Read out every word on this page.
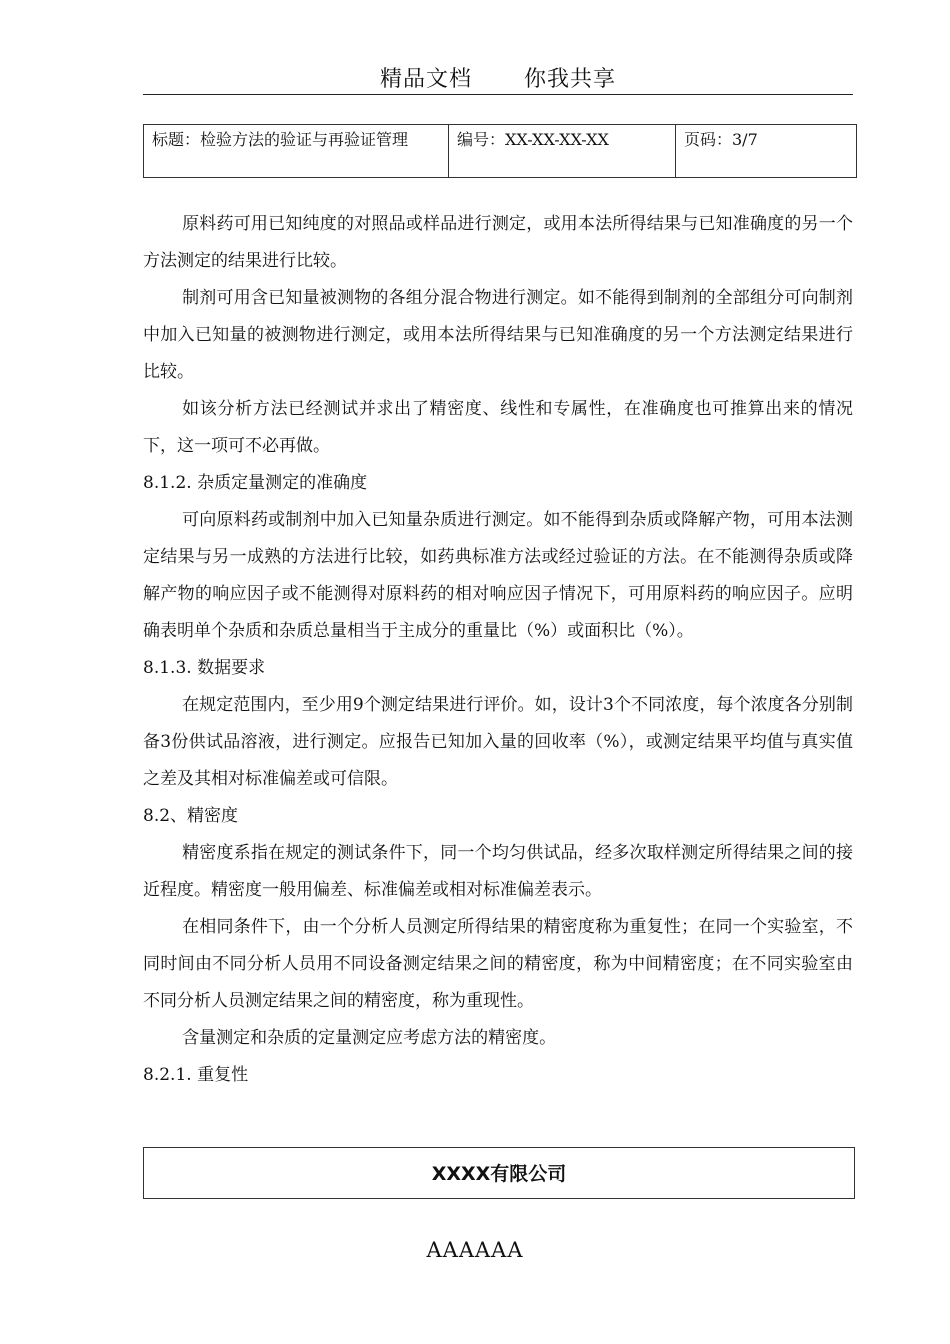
精品文档 你我共享
标题：检验方法的验证与再验证管理	编号：XX-XX-XX-XX	页码：3/7

原料药可用已知纯度的对照品或样品进行测定，或用本法所得结果与已知准确度的另一个方法测定的结果进行比较。

制剂可用含已知量被测物的各组分混合物进行测定。如不能得到制剂的全部组分可向制剂中加入已知量的被测物进行测定，或用本法所得结果与已知准确度的另一个方法测定结果进行比较。

如该分析方法已经测试并求出了精密度、线性和专属性，在准确度也可推算出来的情况下，这一项可不必再做。

8.1.2. 杂质定量测定的准确度

可向原料药或制剂中加入已知量杂质进行测定。如不能得到杂质或降解产物，可用本法测定结果与另一成熟的方法进行比较，如药典标准方法或经过验证的方法。在不能测得杂质或降解产物的响应因子或不能测得对原料药的相对响应因子情况下，可用原料药的响应因子。应明确表明单个杂质和杂质总量相当于主成分的重量比（%）或面积比（%）。

8.1.3. 数据要求

在规定范围内，至少用9个测定结果进行评价。如，设计3个不同浓度，每个浓度各分别制备3份供试品溶液，进行测定。应报告已知加入量的回收率（%），或测定结果平均值与真实值之差及其相对标准偏差或可信限。

8.2、精密度

精密度系指在规定的测试条件下，同一个均匀供试品，经多次取样测定所得结果之间的接近程度。精密度一般用偏差、标准偏差或相对标准偏差表示。

在相同条件下，由一个分析人员测定所得结果的精密度称为重复性；在同一个实验室，不同时间由不同分析人员用不同设备测定结果之间的精密度，称为中间精密度；在不同实验室由不同分析人员测定结果之间的精密度，称为重现性。

含量测定和杂质的定量测定应考虑方法的精密度。

8.2.1. 重复性

XXXX有限公司
AAAAAA
